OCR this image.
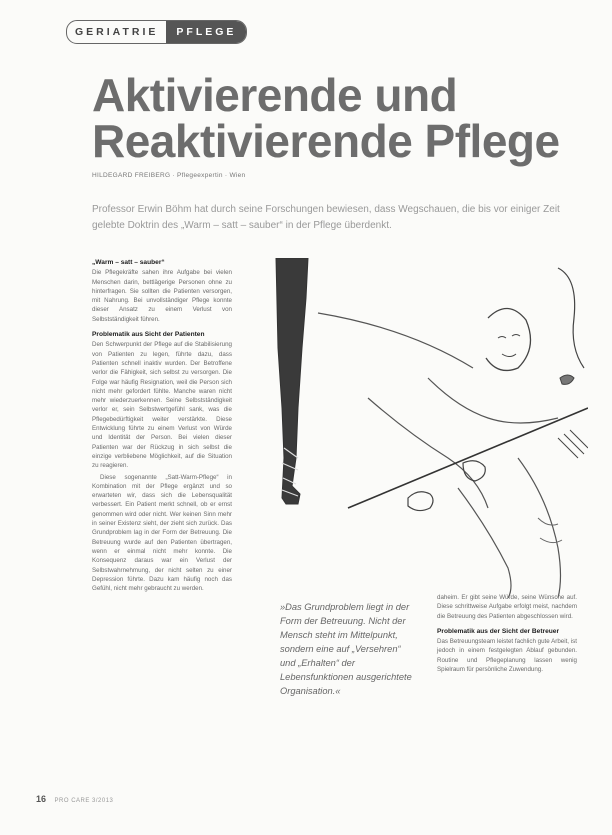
GERIATRIE	PFLEGE
Aktivierende und
Reaktivierende Pflege
HILDEGARD FREIBERG · Pflegeexpertin · Wien
Professor Erwin Böhm hat durch seine Forschungen bewiesen, dass Wegschauen, die bis vor einiger Zeit gelebte Doktrin des „Warm – satt – sauber“ in der Pflege überdenkt.
„Warm – satt – sauber“

Die Pflegekräfte sahen ihre Aufgabe bei vielen Menschen darin, bettlägerige Personen ohne zu hinterfragen. Sie sollten die Patienten versorgen, mit Nahrung. Bei unvollständiger Pflege konnte dieser Ansatz zu einem Verlust von Selbstständigkeit führen.

Problematik aus Sicht der Patienten

Den Schwerpunkt der Pflege auf die Stabilisierung von Patienten zu legen, führte dazu, dass Patienten schnell inaktiv wurden. Der Betroffene verlor die Fähigkeit, sich selbst zu versorgen. Die Folge war häufig Resignation, weil die Person sich nicht mehr gefordert fühlte. Manche waren nicht mehr wiederzuerkennen. Seine Selbstständigkeit verlor er, sein Selbstwertgefühl sank, was die Pflegebedürftigkeit weiter verstärkte. Diese Entwicklung führte zu einem Verlust von Würde und Identität der Person. Bei vielen dieser Patienten war der Rückzug in sich selbst die einzige verbliebene Möglichkeit, auf die Situation zu reagieren.

Diese sogenannte „Satt-Warm-Pflege“ in Kombination mit der Pflege ergänzt und so erwarteten wir, dass sich die Lebensqualität verbessert. Ein Patient merkt schnell, ob er ernst genommen wird oder nicht. Wer keinen Sinn mehr in seiner Existenz sieht, der zieht sich zurück. Das Grundproblem lag in der Form der Betreuung. Die Betreuung wurde auf den Patienten übertragen, wenn er einmal nicht mehr konnte. Die Konsequenz daraus war ein Verlust der Selbstwahrnehmung, der nicht selten zu einer Depression führte. Dazu kam häufig noch das Gefühl, nicht mehr gebraucht zu werden.

»Das Grundproblem liegt in der Form der Betreuung. Nicht der Mensch steht im Mittelpunkt, sondern eine auf „Versehren“ und „Erhalten“ der Lebensfunktionen ausgerichtete Organisation.«

daheim. Er gibt seine Würde, seine Wünsche auf. Diese schrittweise Aufgabe erfolgt meist, nachdem die Betreuung des Patienten abgeschlossen wird.

Problematik aus der Sicht der Betreuer

Das Betreuungsteam leistet fachlich gute Arbeit, ist jedoch in einem festgelegten Ablauf gebunden. Routine und Pflegeplanung lassen wenig Spielraum für persönliche Zuwendung.

16 PRO CARE 3/2013
